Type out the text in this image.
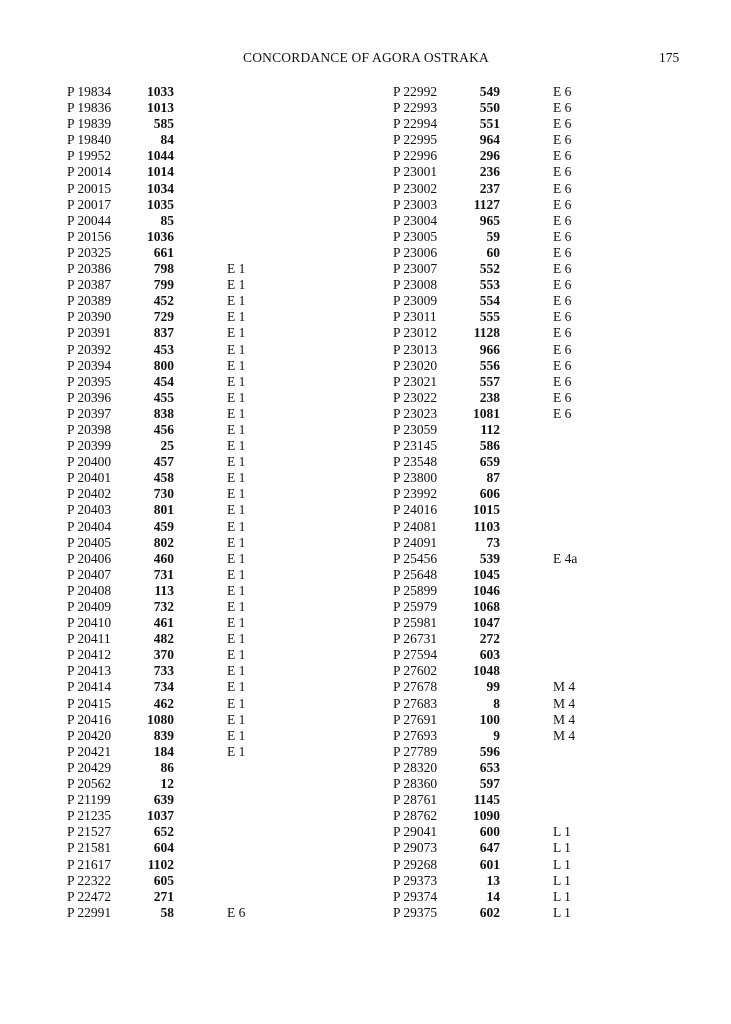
CONCORDANCE OF AGORA OSTRAKA	175
P 19834	1033
P 19836	1013
P 19839	585
P 19840	84
P 19952	1044
P 20014	1014
P 20015	1034
P 20017	1035
P 20044	85
P 20156	1036
P 20325	661
P 20386	798	E 1
P 20387	799	E 1
P 20389	452	E 1
P 20390	729	E 1
P 20391	837	E 1
P 20392	453	E 1
P 20394	800	E 1
P 20395	454	E 1
P 20396	455	E 1
P 20397	838	E 1
P 20398	456	E 1
P 20399	25	E 1
P 20400	457	E 1
P 20401	458	E 1
P 20402	730	E 1
P 20403	801	E 1
P 20404	459	E 1
P 20405	802	E 1
P 20406	460	E 1
P 20407	731	E 1
P 20408	113	E 1
P 20409	732	E 1
P 20410	461	E 1
P 20411	482	E 1
P 20412	370	E 1
P 20413	733	E 1
P 20414	734	E 1
P 20415	462	E 1
P 20416	1080	E 1
P 20420	839	E 1
P 20421	184	E 1
P 20429	86
P 20562	12
P 21199	639
P 21235	1037
P 21527	652
P 21581	604
P 21617	1102
P 22322	605
P 22472	271
P 22991	58	E 6
P 22992	549	E 6
P 22993	550	E 6
P 22994	551	E 6
P 22995	964	E 6
P 22996	296	E 6
P 23001	236	E 6
P 23002	237	E 6
P 23003	1127	E 6
P 23004	965	E 6
P 23005	59	E 6
P 23006	60	E 6
P 23007	552	E 6
P 23008	553	E 6
P 23009	554	E 6
P 23011	555	E 6
P 23012	1128	E 6
P 23013	966	E 6
P 23020	556	E 6
P 23021	557	E 6
P 23022	238	E 6
P 23023	1081	E 6
P 23059	112
P 23145	586
P 23548	659
P 23800	87
P 23992	606
P 24016	1015
P 24081	1103
P 24091	73
P 25456	539	E 4a
P 25648	1045
P 25899	1046
P 25979	1068
P 25981	1047
P 26731	272
P 27594	603
P 27602	1048
P 27678	99	M 4
P 27683	8	M 4
P 27691	100	M 4
P 27693	9	M 4
P 27789	596
P 28320	653
P 28360	597
P 28761	1145
P 28762	1090
P 29041	600	L 1
P 29073	647	L 1
P 29268	601	L 1
P 29373	13	L 1
P 29374	14	L 1
P 29375	602	L 1
